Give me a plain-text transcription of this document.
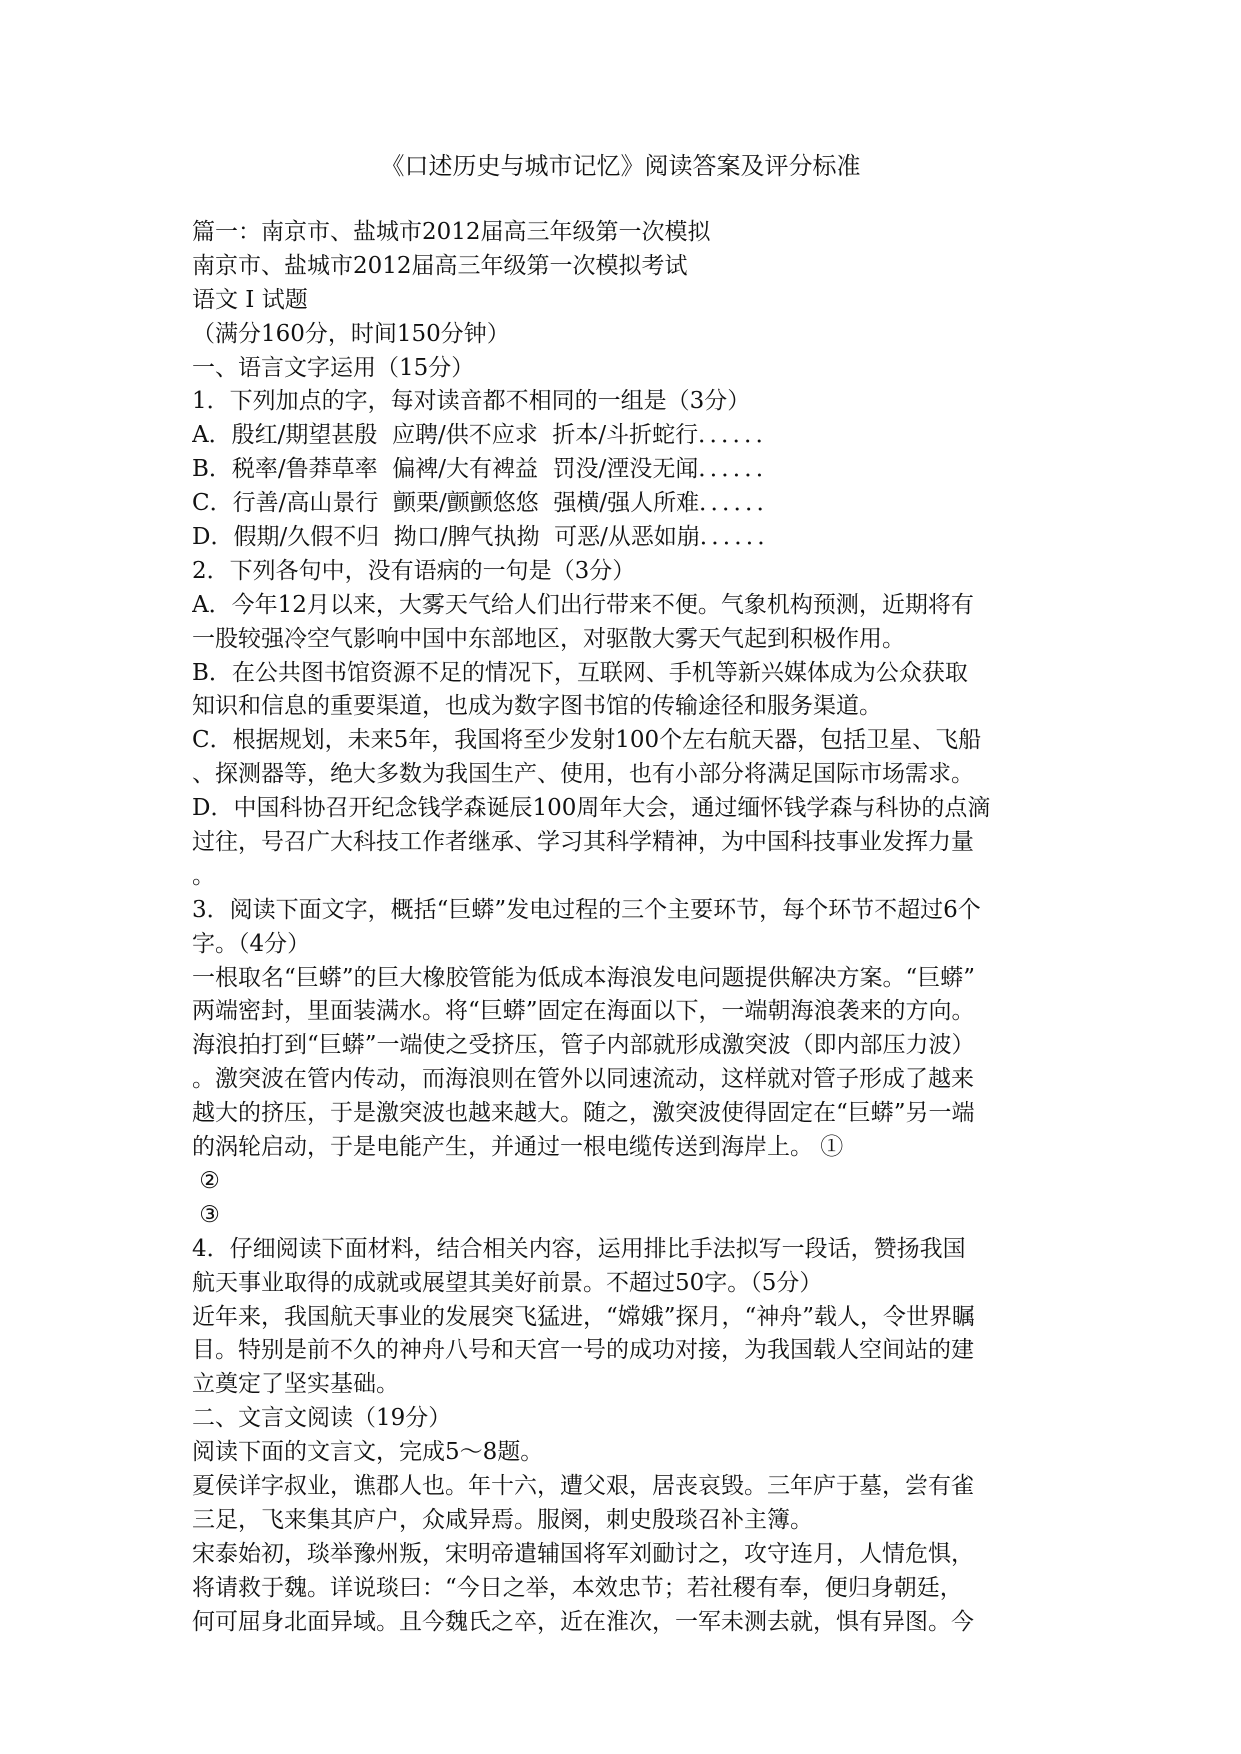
《口述历史与城市记忆》阅读答案及评分标准
篇一：南京市、盐城市2012届高三年级第一次模拟
南京市、盐城市2012届高三年级第一次模拟考试
语文 I 试题
（满分160分，时间150分钟）
一、语言文字运用（15分）
1．下列加点的字，每对读音都不相同的一组是（3分）
A．殷红/期望甚殷  应聘/供不应求  折本/斗折蛇行．．．．．．
B．税率/鲁莽草率  偏裨/大有裨益  罚没/湮没无闻．．．．．．
C．行善/高山景行  颤栗/颤颤悠悠  强横/强人所难．．．．．．
D．假期/久假不归  拗口/脾气执拗  可恶/从恶如崩．．．．．．
2．下列各句中，没有语病的一句是（3分）
A．今年12月以来，大雾天气给人们出行带来不便。气象机构预测，近期将有
一股较强冷空气影响中国中东部地区，对驱散大雾天气起到积极作用。
B．在公共图书馆资源不足的情况下，互联网、手机等新兴媒体成为公众获取
知识和信息的重要渠道，也成为数字图书馆的传输途径和服务渠道。
C．根据规划，未来5年，我国将至少发射100个左右航天器，包括卫星、飞船
、探测器等，绝大多数为我国生产、使用，也有小部分将满足国际市场需求。
D．中国科协召开纪念钱学森诞辰100周年大会，通过缅怀钱学森与科协的点滴
过往，号召广大科技工作者继承、学习其科学精神，为中国科技事业发挥力量
。
3．阅读下面文字，概括“巨蟒”发电过程的三个主要环节，每个环节不超过6个
字。（4分）
一根取名“巨蟒”的巨大橡胶管能为低成本海浪发电问题提供解决方案。“巨蟒”
两端密封，里面装满水。将“巨蟒”固定在海面以下，一端朝海浪袭来的方向。
海浪拍打到“巨蟒”一端使之受挤压，管子内部就形成激突波（即内部压力波）
。激突波在管内传动，而海浪则在管外以同速流动，这样就对管子形成了越来
越大的挤压，于是激突波也越来越大。随之，激突波使得固定在“巨蟒”另一端
的涡轮启动，于是电能产生，并通过一根电缆传送到海岸上。 ①
②
③
4．仔细阅读下面材料，结合相关内容，运用排比手法拟写一段话，赞扬我国
航天事业取得的成就或展望其美好前景。不超过50字。（5分）
近年来，我国航天事业的发展突飞猛进，“嫦娥”探月，“神舟”载人，令世界瞩
目。特别是前不久的神舟八号和天宫一号的成功对接，为我国载人空间站的建
立奠定了坚实基础。
二、文言文阅读（19分）
阅读下面的文言文，完成5～8题。
夏侯详字叔业，谯郡人也。年十六，遭父艰，居丧哀毁。三年庐于墓，尝有雀
三足，飞来集其庐户，众咸异焉。服阕，刺史殷琰召补主簿。
宋泰始初，琰举豫州叛，宋明帝遣辅国将军刘勔讨之，攻守连月，人情危惧，
将请救于魏。详说琰曰：“今日之举，本效忠节；若社稷有奉，便归身朝廷，
何可屈身北面异域。且今魏氏之卒，近在淮次，一军未测去就，惧有异图。今
